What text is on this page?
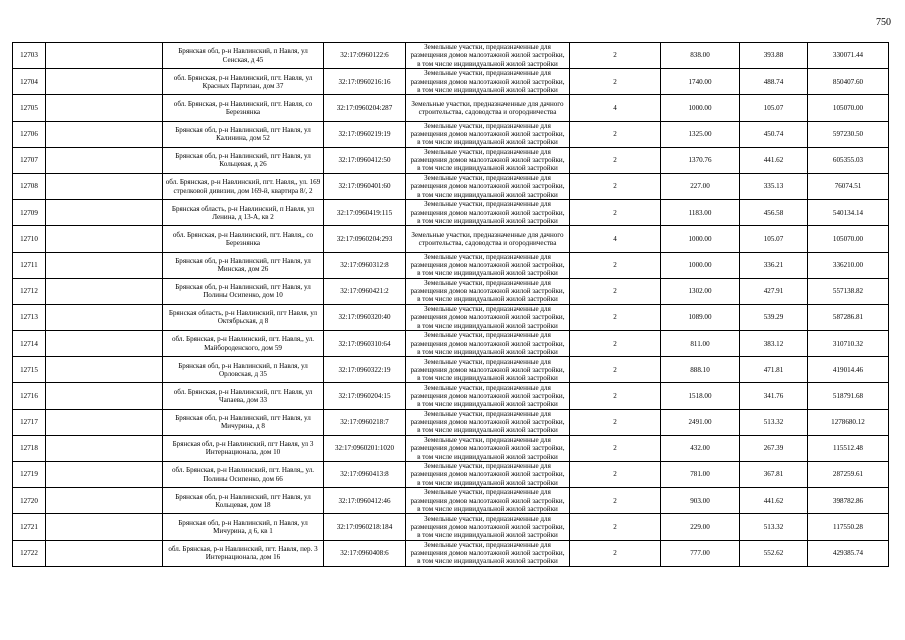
750
12703		Брянская обл, р-н Навлинский, п Навля, ул Сенская, д 45	32:17:0960122:6	Земельные участки, предназначенные для размещения домов малоэтажной жилой застройки, в том числе индивидуальной жилой застройки	2	838.00	393.88	330071.44
12704		обл. Брянская, р-н Навлинский, пгт. Навля, ул Красных Партизан, дом 37	32:17:0960216:16	Земельные участки, предназначенные для размещения домов малоэтажной жилой застройки, в том числе индивидуальной жилой застройки	2	1740.00	488.74	850407.60
12705		обл. Брянская, р-н Навлинский, пгт. Навля, со Березнянка	32:17:0960204:287	Земельные участки, предназначенные для дачного строительства, садоводства и огородничества	4	1000.00	105.07	105070.00
12706		Брянская обл, р-н Навлинский, пгт Навля, ул Калинина, дом 52	32:17:0960219:19	Земельные участки, предназначенные для размещения домов малоэтажной жилой застройки, в том числе индивидуальной жилой застройки	2	1325.00	450.74	597230.50
12707		Брянская обл, р-н Навлинский, пгт Навля, ул Кольцевая, д 26	32:17:0960412:50	Земельные участки, предназначенные для размещения домов малоэтажной жилой застройки, в том числе индивидуальной жилой застройки	2	1370.76	441.62	605355.03
12708		обл. Брянская, р-н Навлинский, пгт. Навля,, ул. 169 стрелковой дивизии, дом 169-й, квартира 8/, 2	32:17:0960401:60	Земельные участки, предназначенные для размещения домов малоэтажной жилой застройки, в том числе индивидуальной жилой застройки	2	227.00	335.13	76074.51
12709		Брянская область, р-н Навлинский, п Навля, ул Ленина, д 13-А, кв 2	32:17:0960419:115	Земельные участки, предназначенные для размещения домов малоэтажной жилой застройки, в том числе индивидуальной жилой застройки	2	1183.00	456.58	540134.14
12710		обл. Брянская, р-н Навлинский, пгт. Навля,, со Березнянка	32:17:0960204:293	Земельные участки, предназначенные для дачного строительства, садоводства и огородничества	4	1000.00	105.07	105070.00
12711		Брянская обл, р-н Навлинский, пгт Навля, ул Минская, дом 26	32:17:0960312:8	Земельные участки, предназначенные для размещения домов малоэтажной жилой застройки, в том числе индивидуальной жилой застройки	2	1000.00	336.21	336210.00
12712		Брянская обл, р-н Навлинский, пгт Навля, ул Полины Осипенко, дом 10	32:17:0960421:2	Земельные участки, предназначенные для размещения домов малоэтажной жилой застройки, в том числе индивидуальной жилой застройки	2	1302.00	427.91	557138.82
12713		Брянская область, р-н Навлинский, пгт Навля, ул Октябрьская, д 8	32:17:0960320:40	Земельные участки, предназначенные для размещения домов малоэтажной жилой застройки, в том числе индивидуальной жилой застройки	2	1089.00	539.29	587286.81
12714		обл. Брянская, р-н Навлинский, пгт. Навля,, ул. Майбороденского, дом 59	32:17:0960310:64	Земельные участки, предназначенные для размещения домов малоэтажной жилой застройки, в том числе индивидуальной жилой застройки	2	811.00	383.12	310710.32
12715		Брянская обл, р-н Навлинский, п Навля, ул Орловская, д 35	32:17:0960322:19	Земельные участки, предназначенные для размещения домов малоэтажной жилой застройки, в том числе индивидуальной жилой застройки	2	888.10	471.81	419014.46
12716		обл. Брянская, р-н Навлинский, пгт. Навля, ул Чапаева, дом 33	32:17:0960204:15	Земельные участки, предназначенные для размещения домов малоэтажной жилой застройки, в том числе индивидуальной жилой застройки	2	1518.00	341.76	518791.68
12717		Брянская обл, р-н Навлинский, пгт Навля, ул Мичурина, д 8	32:17:0960218:7	Земельные участки, предназначенные для размещения домов малоэтажной жилой застройки, в том числе индивидуальной жилой застройки	2	2491.00	513.32	1278680.12
12718		Брянская обл, р-н Навлинский, пгт Навля, ул 3 Интернационала, дом 10	32:17:0960201:1020	Земельные участки, предназначенные для размещения домов малоэтажной жилой застройки, в том числе индивидуальной жилой застройки	2	432.00	267.39	115512.48
12719		обл. Брянская, р-н Навлинский, пгт. Навля,, ул. Полины Осипенко, дом 66	32:17:0960413:8	Земельные участки, предназначенные для размещения домов малоэтажной жилой застройки, в том числе индивидуальной жилой застройки	2	781.00	367.81	287259.61
12720		Брянская обл, р-н Навлинский, пгт Навля, ул Кольцевая, дом 18	32:17:0960412:46	Земельные участки, предназначенные для размещения домов малоэтажной жилой застройки, в том числе индивидуальной жилой застройки	2	903.00	441.62	398782.86
12721		Брянская обл, р-н Навлинский, п Навля, ул Мичурина, д 6, кв 1	32:17:0960218:184	Земельные участки, предназначенные для размещения домов малоэтажной жилой застройки, в том числе индивидуальной жилой застройки	2	229.00	513.32	117550.28
12722		обл. Брянская, р-н Навлинский, пгт. Навля, пер. 3 Интернационала, дом 16	32:17:0960408:6	Земельные участки, предназначенные для размещения домов малоэтажной жилой застройки, в том числе индивидуальной жилой застройки	2	777.00	552.62	429385.74
